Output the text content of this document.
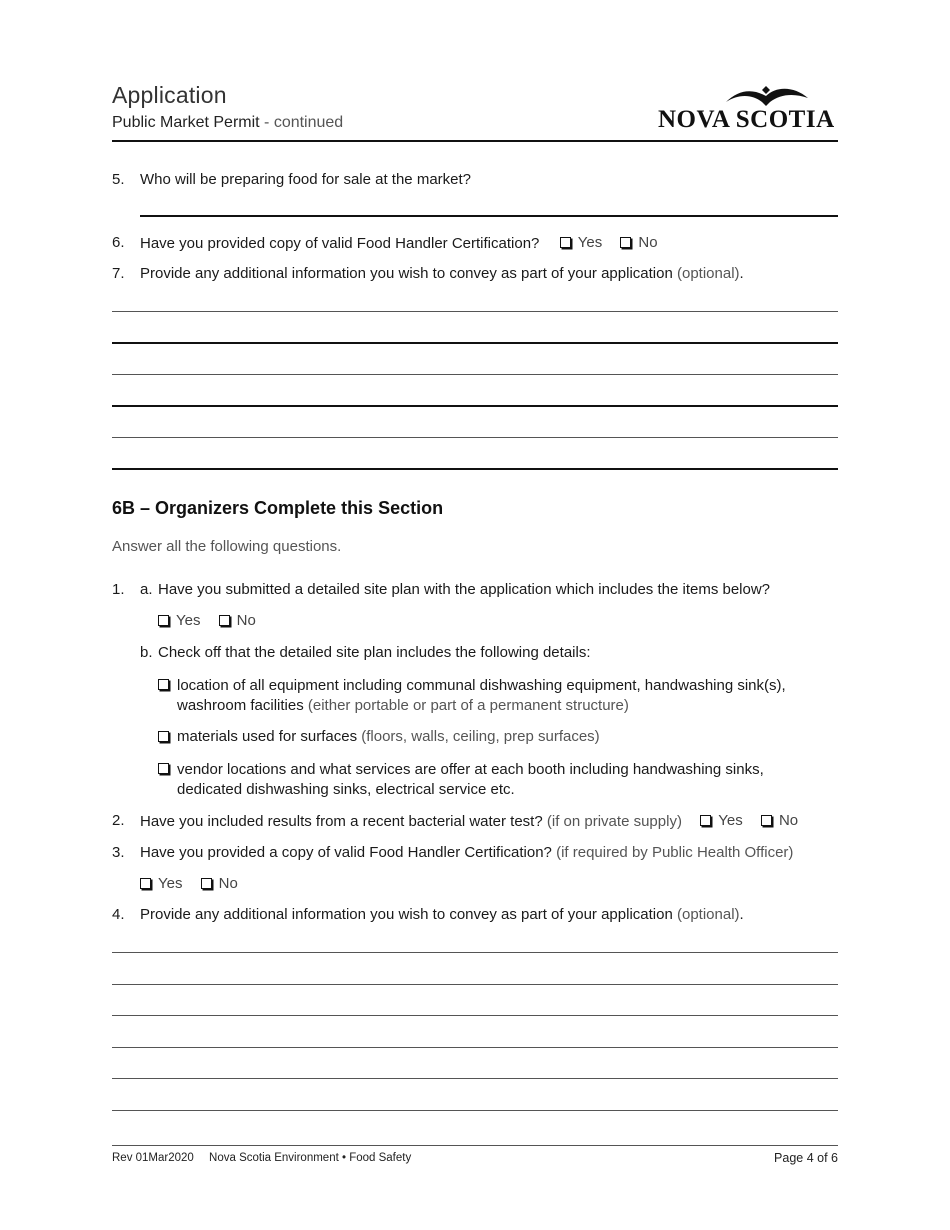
Application
Public Market Permit - continued	NOVA SCOTIA
5. Who will be preparing food for sale at the market?
6. Have you provided copy of valid Food Handler Certification?	Yes
No
7. Provide any additional information you wish to convey as part of your application (optional).
6B – Organizers Complete this Section
Answer all the following questions.
1. a. Have you submitted a detailed site plan with the application which includes the items below?
Yes
No
b. Check off that the detailed site plan includes the following details:
location of all equipment including communal dishwashing equipment, handwashing sink(s), washroom facilities (either portable or part of a permanent structure)
materials used for surfaces (floors, walls, ceiling, prep surfaces)
vendor locations and what services are offer at each booth including handwashing sinks, dedicated dishwashing sinks, electrical service etc.
2. Have you included results from a recent bacterial water test? (if on private supply) Yes
No
3. Have you provided a copy of valid Food Handler Certification? (if required by Public Health Officer)
Yes
No
4. Provide any additional information you wish to convey as part of your application (optional).
Rev 01Mar2020 Nova Scotia Environment • Food Safety	Page 4 of 6
